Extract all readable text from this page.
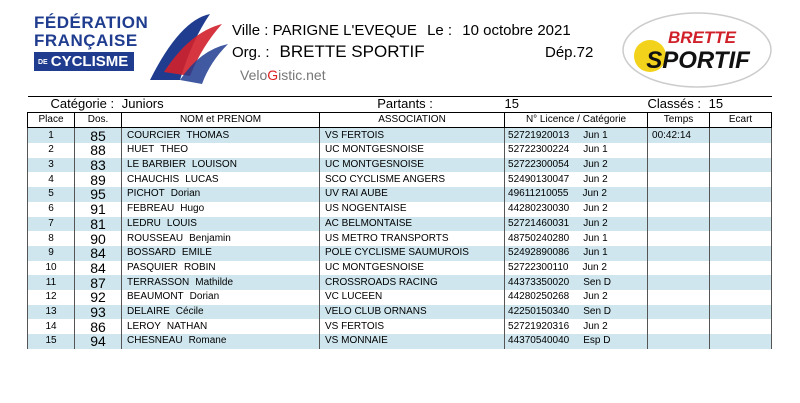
FÉDÉRATION
FRANÇAISE
DE CYCLISME
Ville : PARIGNE L'EVEQUE Le : 10 octobre 2021
Org. : BRETTE SPORTIF	Dép.72
VeloGistic.net
BRETTE
SPORTIF
Catégorie : Juniors Partants :				15	Classés : 15	
Place	Dos.	NOM et PRENOM	ASSOCIATION	N° Licence / Catégorie	Temps	Ecart
1	85	COURCIER THOMAS	VS FERTOIS	52721920013 Jun 1	00:42:14	
2	88	HUET THEO	UC MONTGESNOISE	52722300224 Jun 1		
3	83	LE BARBIER LOUISON	UC MONTGESNOISE	52722300054 Jun 2		
4	89	CHAUCHIS LUCAS	SCO CYCLISME ANGERS	52490130047 Jun 2		
5	95	PICHOT Dorian	UV RAI AUBE	49611210055 Jun 2		
6	91	FEBREAU Hugo	US NOGENTAISE	44280230030 Jun 2		
7	81	LEDRU LOUIS	AC BELMONTAISE	52721460031 Jun 2		
8	90	ROUSSEAU Benjamin	US METRO TRANSPORTS	48750240280 Jun 1		
9	84	BOSSARD EMILE	POLE CYCLISME SAUMUROIS	52492890086 Jun 1		
10	84	PASQUIER ROBIN	UC MONTGESNOISE	52722300110 Jun 2		
11	87	TERRASSON Mathilde	CROSSROADS RACING	44373350020 Sen D		
12	92	BEAUMONT Dorian	VC LUCEEN	44280250268 Jun 2		
13	93	DELAIRE Cécile	VELO CLUB ORNANS	42250150340 Sen D		
14	86	LEROY NATHAN	VS FERTOIS	52721920316 Jun 2		
15	94	CHESNEAU Romane	VS MONNAIE	44370540040 Esp D		
